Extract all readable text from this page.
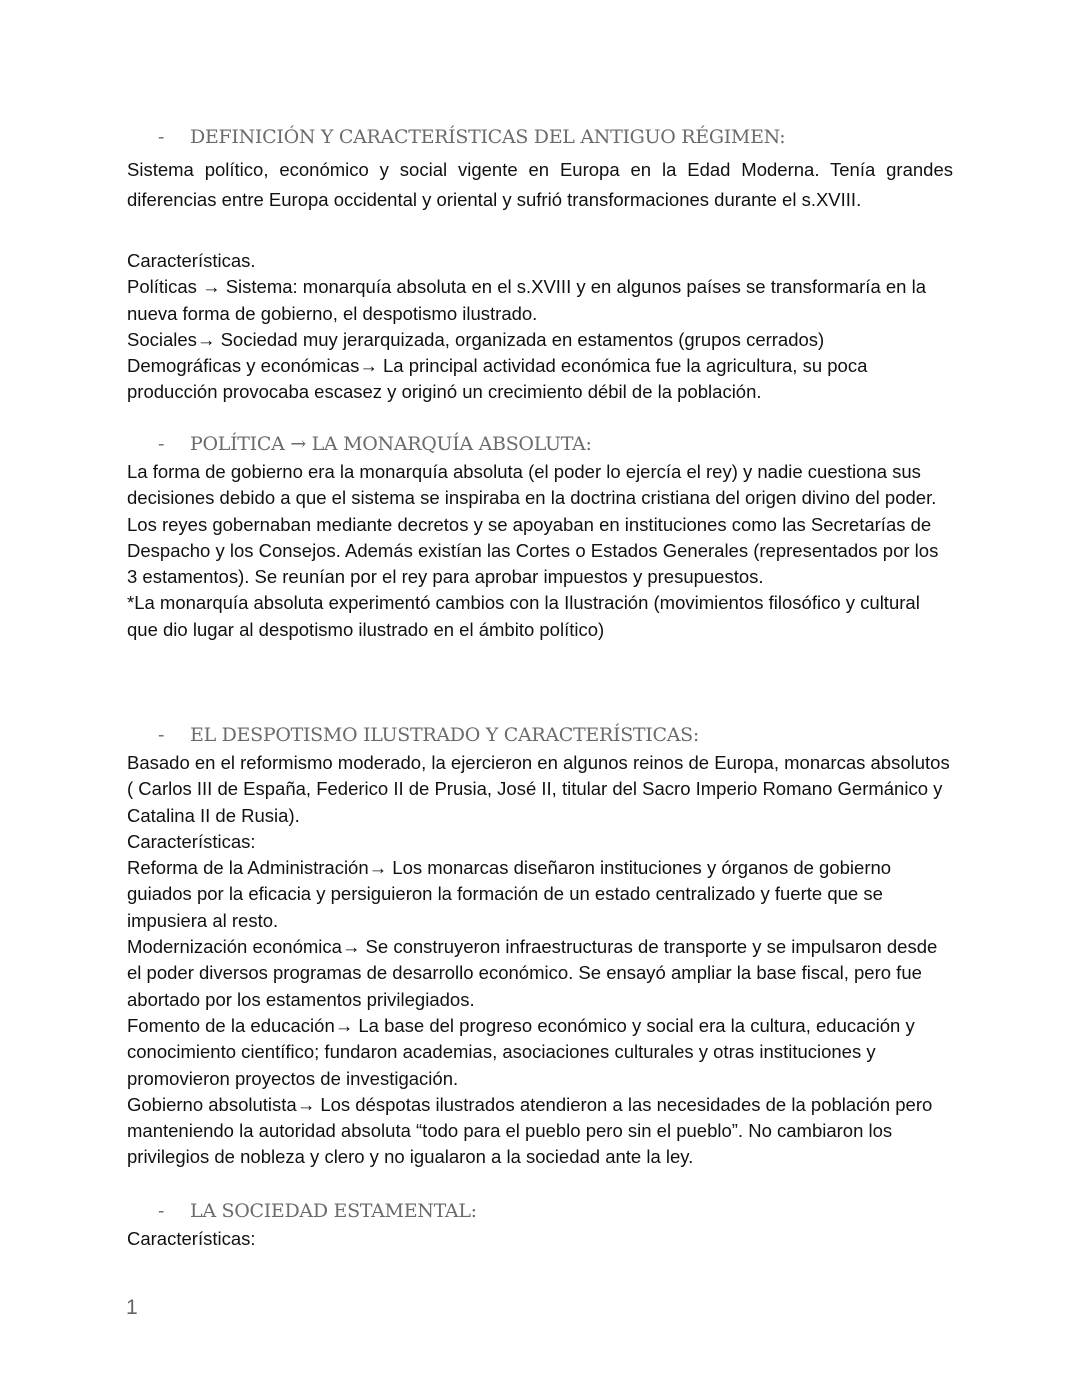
- DEFINICIÓN Y CARACTERÍSTICAS DEL ANTIGUO RÉGIMEN:

Sistema político, económico y social vigente en Europa en la Edad Moderna. Tenía grandes diferencias entre Europa occidental y oriental y sufrió transformaciones durante el s.XVIII.

Características.

Políticas → Sistema: monarquía absoluta en el s.XVIII y en algunos países se transformaría en la nueva forma de gobierno, el despotismo ilustrado.

Sociales→ Sociedad muy jerarquizada, organizada en estamentos (grupos cerrados)

Demográficas y económicas→ La principal actividad económica fue la agricultura, su poca producción provocaba escasez y originó un crecimiento débil de la población.

- POLÍTICA → LA MONARQUÍA ABSOLUTA:

La forma de gobierno era la monarquía absoluta (el poder lo ejercía el rey) y nadie cuestiona sus decisiones debido a que el sistema se inspiraba en la doctrina cristiana del origen divino del poder.

Los reyes gobernaban mediante decretos y se apoyaban en instituciones como las Secretarías de Despacho y los Consejos. Además existían las Cortes o Estados Generales (representados por los 3 estamentos). Se reunían por el rey para aprobar impuestos y presupuestos.

*La monarquía absoluta experimentó cambios con la Ilustración (movimientos filosófico y cultural que dio lugar al despotismo ilustrado en el ámbito político)

- EL DESPOTISMO ILUSTRADO Y CARACTERÍSTICAS:

Basado en el reformismo moderado, la ejercieron en algunos reinos de Europa, monarcas absolutos ( Carlos III de España, Federico II de Prusia, José II, titular del Sacro Imperio Romano Germánico y Catalina II de Rusia).

Características:

Reforma de la Administración→ Los monarcas diseñaron instituciones y órganos de gobierno guiados por la eficacia y persiguieron la formación de un estado centralizado y fuerte que se impusiera al resto.

Modernización económica→ Se construyeron infraestructuras de transporte y se impulsaron desde el poder diversos programas de desarrollo económico. Se ensayó ampliar la base fiscal, pero fue abortado por los estamentos privilegiados.

Fomento de la educación→ La base del progreso económico y social era la cultura, educación y conocimiento científico; fundaron academias, asociaciones culturales y otras instituciones y promovieron proyectos de investigación.

Gobierno absolutista→ Los déspotas ilustrados atendieron a las necesidades de la población pero manteniendo la autoridad absoluta “todo para el pueblo pero sin el pueblo”. No cambiaron los privilegios de nobleza y clero y no igualaron a la sociedad ante la ley.

- LA SOCIEDAD ESTAMENTAL:

Características:

1
